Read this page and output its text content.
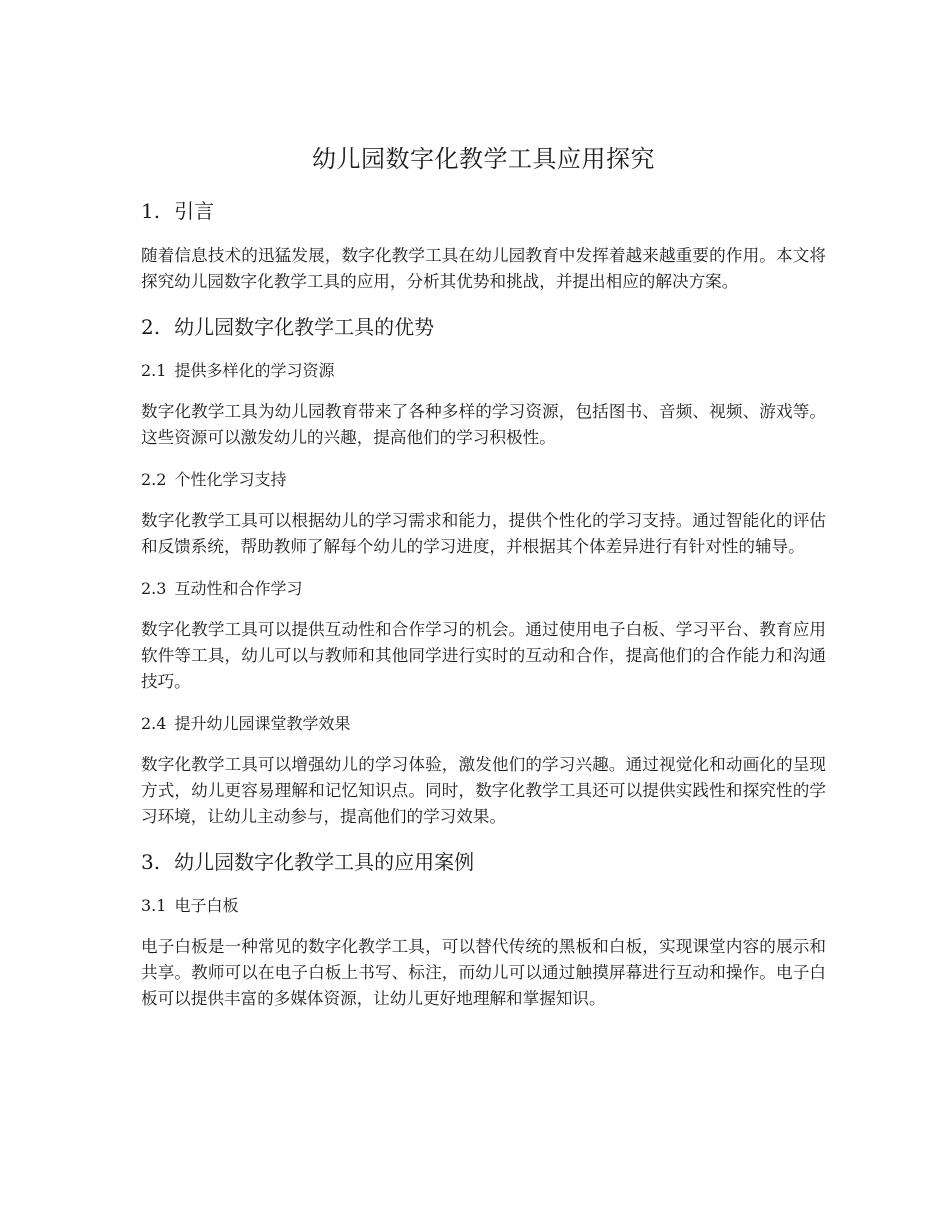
幼儿园数字化教学工具应用探究
1. 引言

随着信息技术的迅猛发展，数字化教学工具在幼儿园教育中发挥着越来越重要的作用。本文将探究幼儿园数字化教学工具的应用，分析其优势和挑战，并提出相应的解决方案。

2. 幼儿园数字化教学工具的优势
2.1 提供多样化的学习资源

数字化教学工具为幼儿园教育带来了各种多样的学习资源，包括图书、音频、视频、游戏等。这些资源可以激发幼儿的兴趣，提高他们的学习积极性。

2.2 个性化学习支持

数字化教学工具可以根据幼儿的学习需求和能力，提供个性化的学习支持。通过智能化的评估和反馈系统，帮助教师了解每个幼儿的学习进度，并根据其个体差异进行有针对性的辅导。

2.3 互动性和合作学习

数字化教学工具可以提供互动性和合作学习的机会。通过使用电子白板、学习平台、教育应用软件等工具，幼儿可以与教师和其他同学进行实时的互动和合作，提高他们的合作能力和沟通技巧。

2.4 提升幼儿园课堂教学效果

数字化教学工具可以增强幼儿的学习体验，激发他们的学习兴趣。通过视觉化和动画化的呈现方式，幼儿更容易理解和记忆知识点。同时，数字化教学工具还可以提供实践性和探究性的学习环境，让幼儿主动参与，提高他们的学习效果。

3. 幼儿园数字化教学工具的应用案例
3.1 电子白板

电子白板是一种常见的数字化教学工具，可以替代传统的黑板和白板，实现课堂内容的展示和共享。教师可以在电子白板上书写、标注，而幼儿可以通过触摸屏幕进行互动和操作。电子白板可以提供丰富的多媒体资源，让幼儿更好地理解和掌握知识。
